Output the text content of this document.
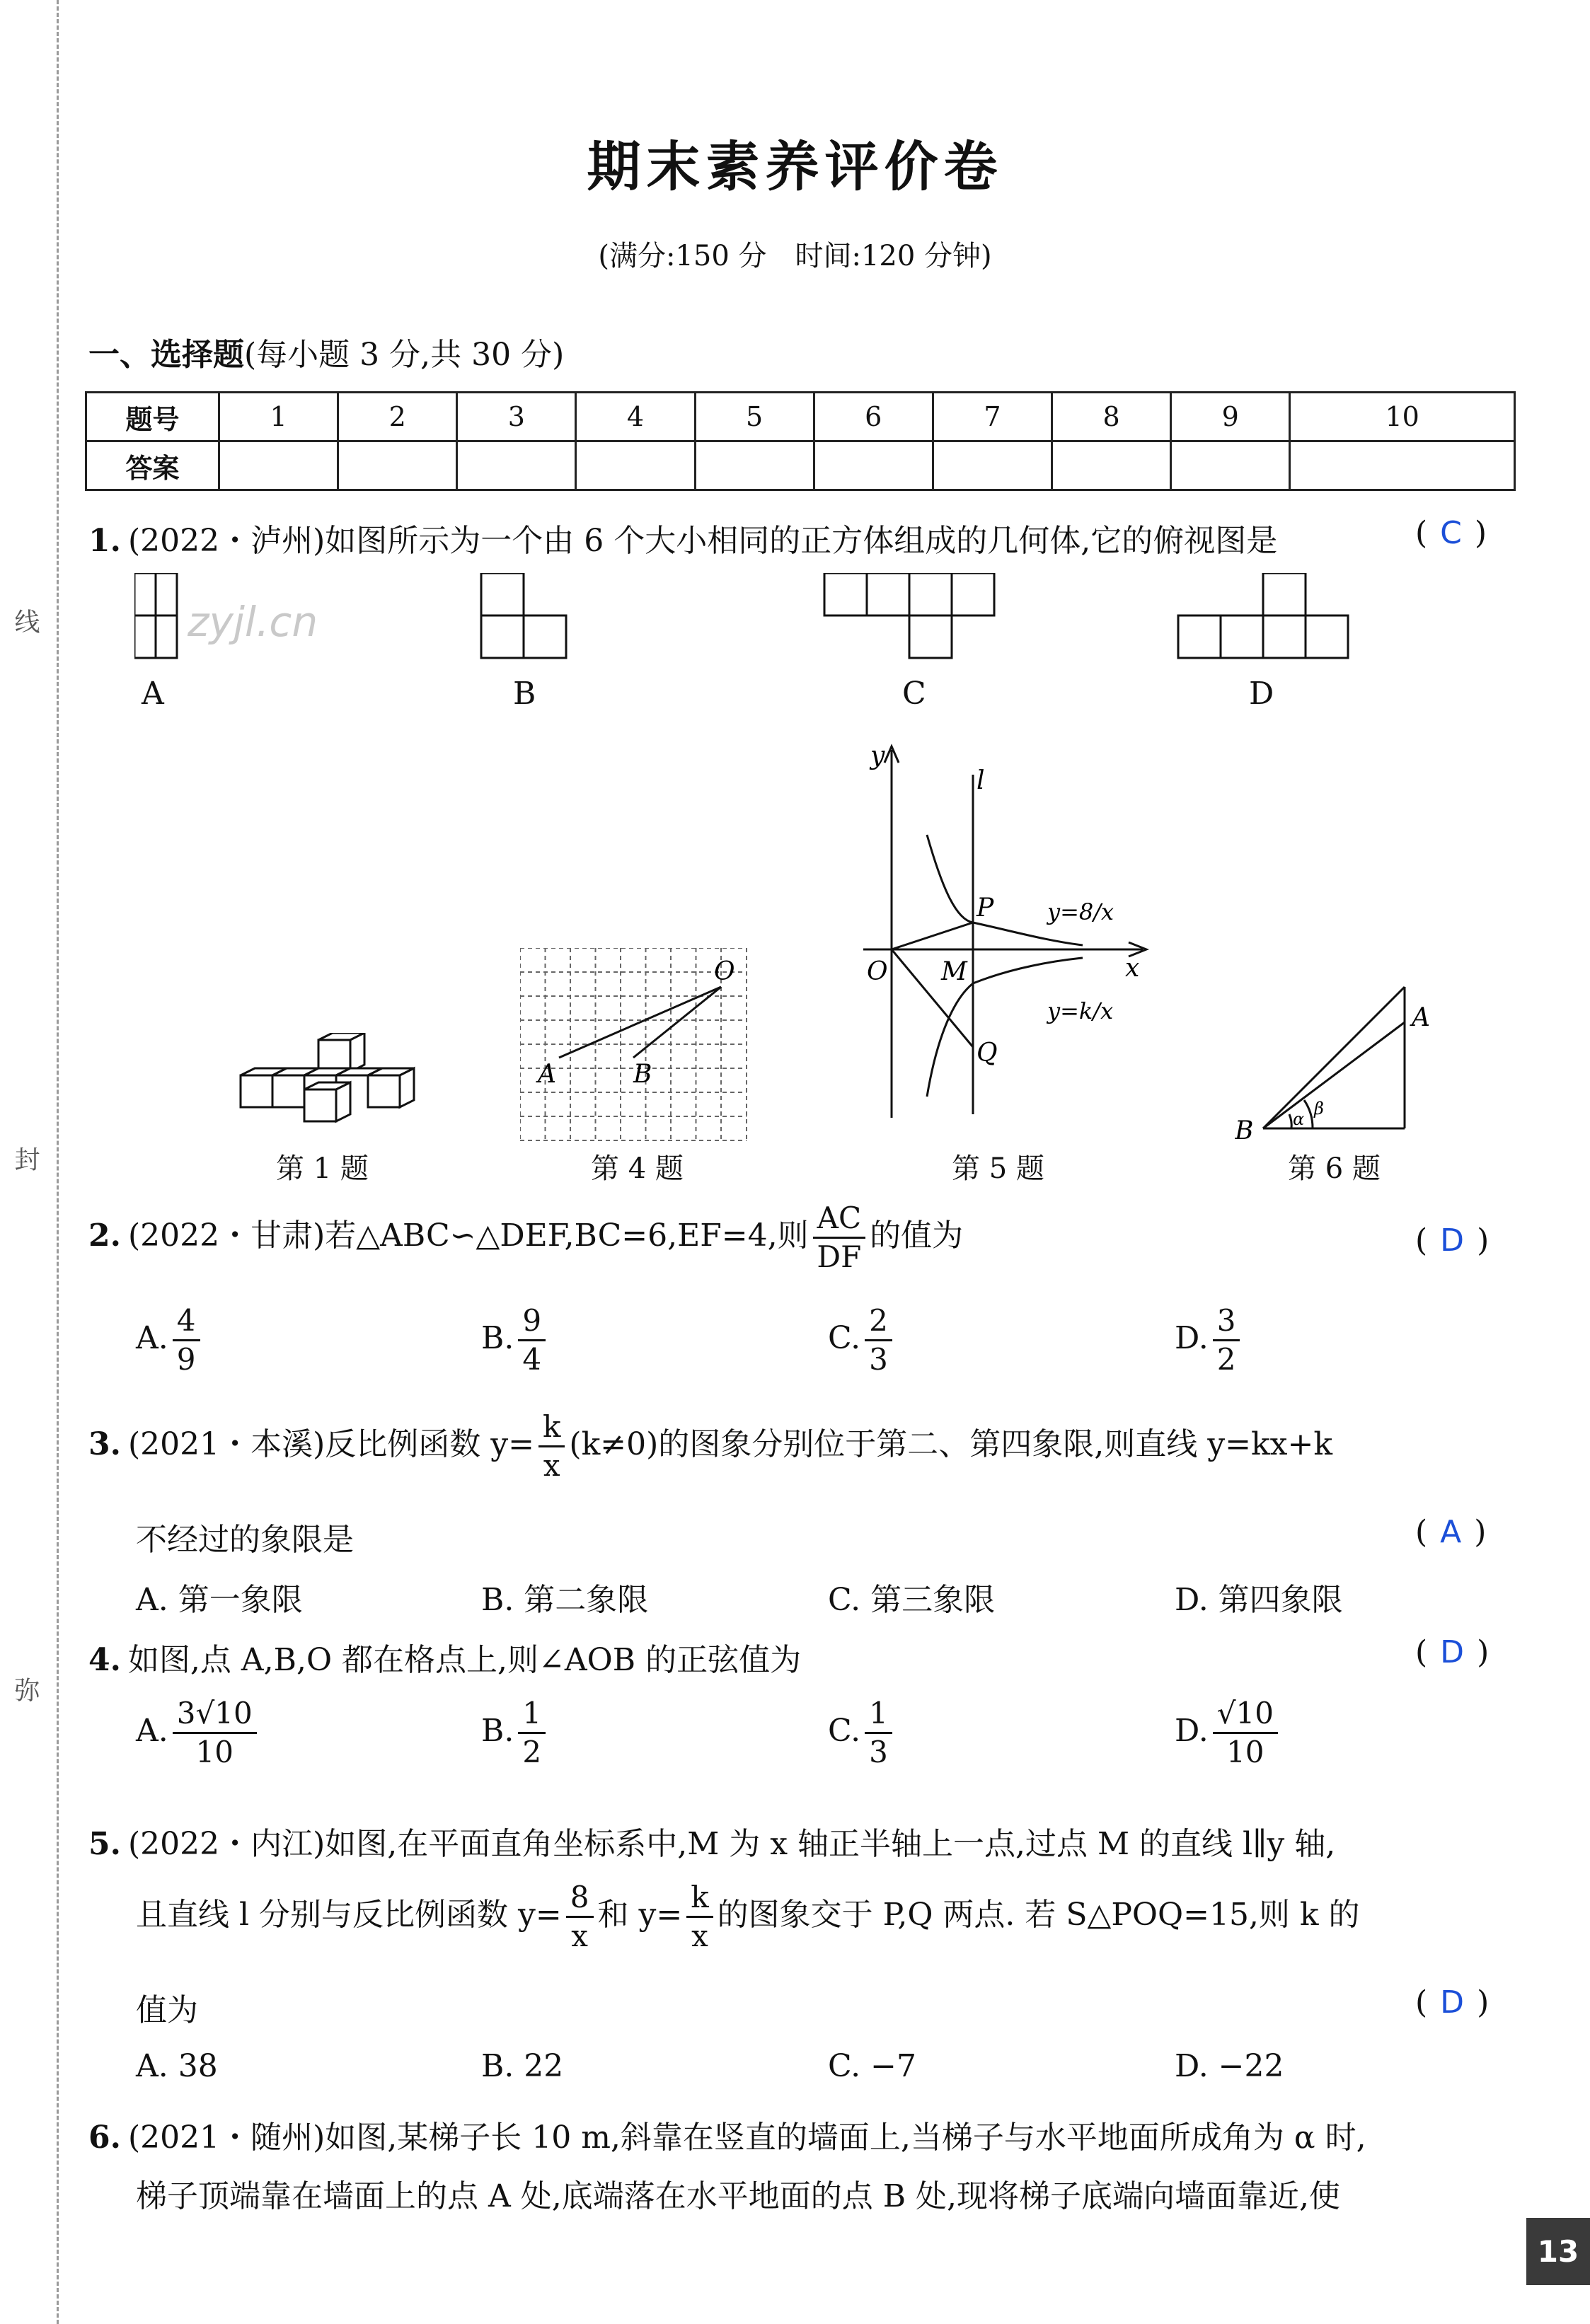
线
封
弥
zyjl.cn
期末素养评价卷
(满分:150 分　时间:120 分钟)
一、选择题(每小题 3 分,共 30 分)
题号	1	2	3	4	5	6	7	8	9	10
答案										
1. (2022・泸州)如图所示为一个由 6 个大小相同的正方体组成的几何体,它的俯视图是	( C )
A	B	C	D
第 1 题
O
A	B
第 4 题
y
x
l
O M
P
Q
y=8/x
y=k/x
第 5 题
B
A
α
β
第 6 题
2. (2022・甘肃)若△ABC∽△DEF,BC=6,EF=4,则 $\frac{AC}{DF}$ 的值为	( D )
A. $\frac{4}{9}$	B. $\frac{9}{4}$	C. $\frac{2}{3}$	D. $\frac{3}{2}$
3. (2021・本溪)反比例函数 $y= \frac{k}{x} (k\ne 0)$的图象分别位于第二、第四象限,则直线 y=kx+k
不经过的象限是	( A )
A. 第一象限	B. 第二象限	C. 第三象限	D. 第四象限
4. 如图,点 A,B,O 都在格点上,则∠AOB 的正弦值为	( D )
A. $\frac{3√10}{10}$	B. $\frac{1}{2}$	C. $\frac{1}{3}$	D. $\frac{√10}{10}$
5. (2022・内江)如图,在平面直角坐标系中,M 为 x 轴正半轴上一点,过点 M 的直线 l∥y 轴,
且直线 l 分别与反比例函数 $y= \frac{8}{x}$ 和 $y= \frac{k}{x}$ 的图象交于 P,Q 两点. 若 S△POQ=15,则 k 的
值为	( D )
A. 38	B. 22	C. −7	D. −22
6. (2021・随州)如图,某梯子长 10 m,斜靠在竖直的墙面上,当梯子与水平地面所成角为 α 时,
梯子顶端靠在墙面上的点 A 处,底端落在水平地面的点 B 处,现将梯子底端向墙面靠近,使
13
